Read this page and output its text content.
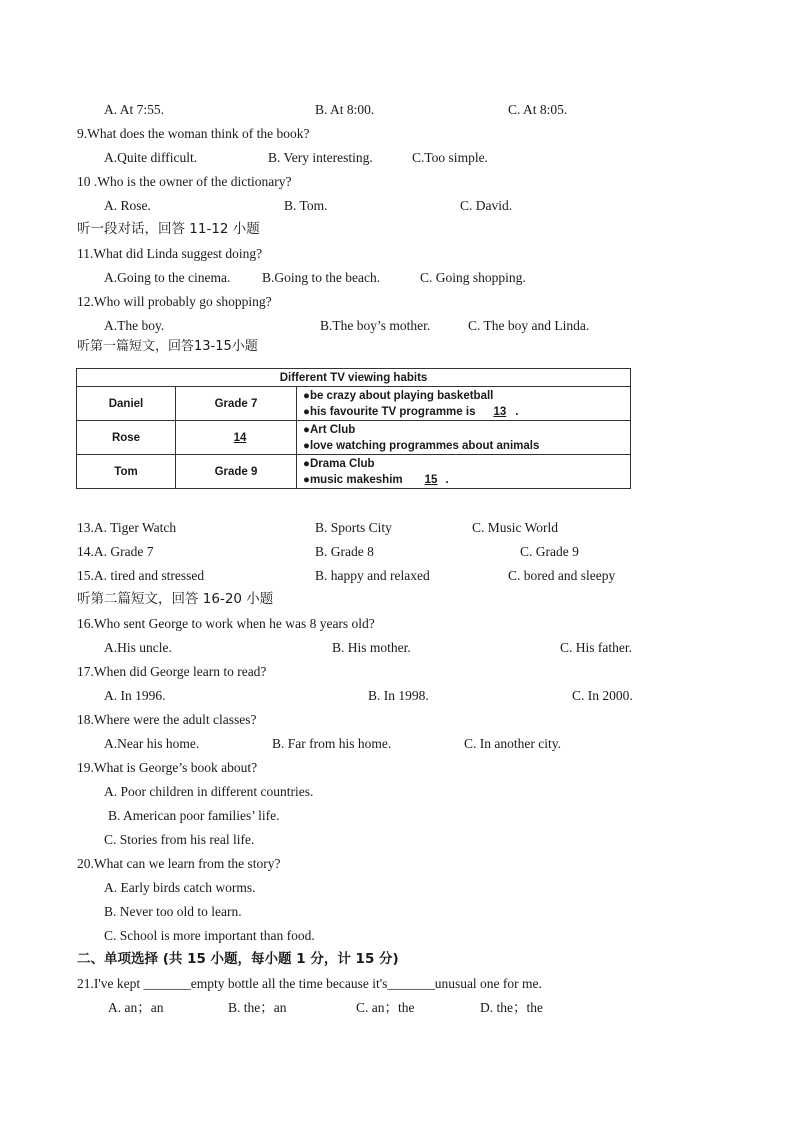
A. At 7:55.	B. At 8:00.	C. At 8:05.
9.What does the woman think of the book?
A.Quite difficult.	B. Very interesting.	C.Too simple.
10 .Who is the owner of the dictionary?
A. Rose.	B. Tom.	C. David.
听一段对话，回答 11-12 小题
11.What did Linda suggest doing?
A.Going to the cinema. B.Going to the beach.	C. Going shopping.
12.Who will probably go shopping?
A.The boy.	B.The boy’s mother.	C. The boy and Linda.
听第一篇短文，回答13-15小题
Different TV viewing habits		
Daniel	Grade 7	●be crazy about playing basketball
●his favourite TV programme is 13 .

Rose	14	●Art Club
●love watching programmes about animals

Tom	Grade 9	●Drama Club
●music makeshim 15 .
13.A. Tiger Watch	B. Sports City	C. Music World
14.A. Grade 7	B. Grade 8	C. Grade 9
15.A. tired and stressed	B. happy and relaxed	C. bored and sleepy
听第二篇短文，回答 16-20 小题
16.Who sent George to work when he was 8 years old?
A.His uncle.	B. His mother.	C. His father.
17.When did George learn to read?
A. In 1996.	B. In 1998.	C. In 2000.
18.Where were the adult classes?
A.Near his home.	B. Far from his home.	C. In another city.
19.What is George’s book about?
A. Poor children in different countries.
B. American poor families’ life.
C. Stories from his real life.
20.What can we learn from the story?
A. Early birds catch worms.
B. Never too old to learn.
C. School is more important than food.
二、单项选择 (共 15 小题，每小题 1 分，计 15 分)
21.I've kept _______empty bottle all the time because it's_______unusual one for me.
A. an；an	B. the；an	C. an；the	D. the；the
